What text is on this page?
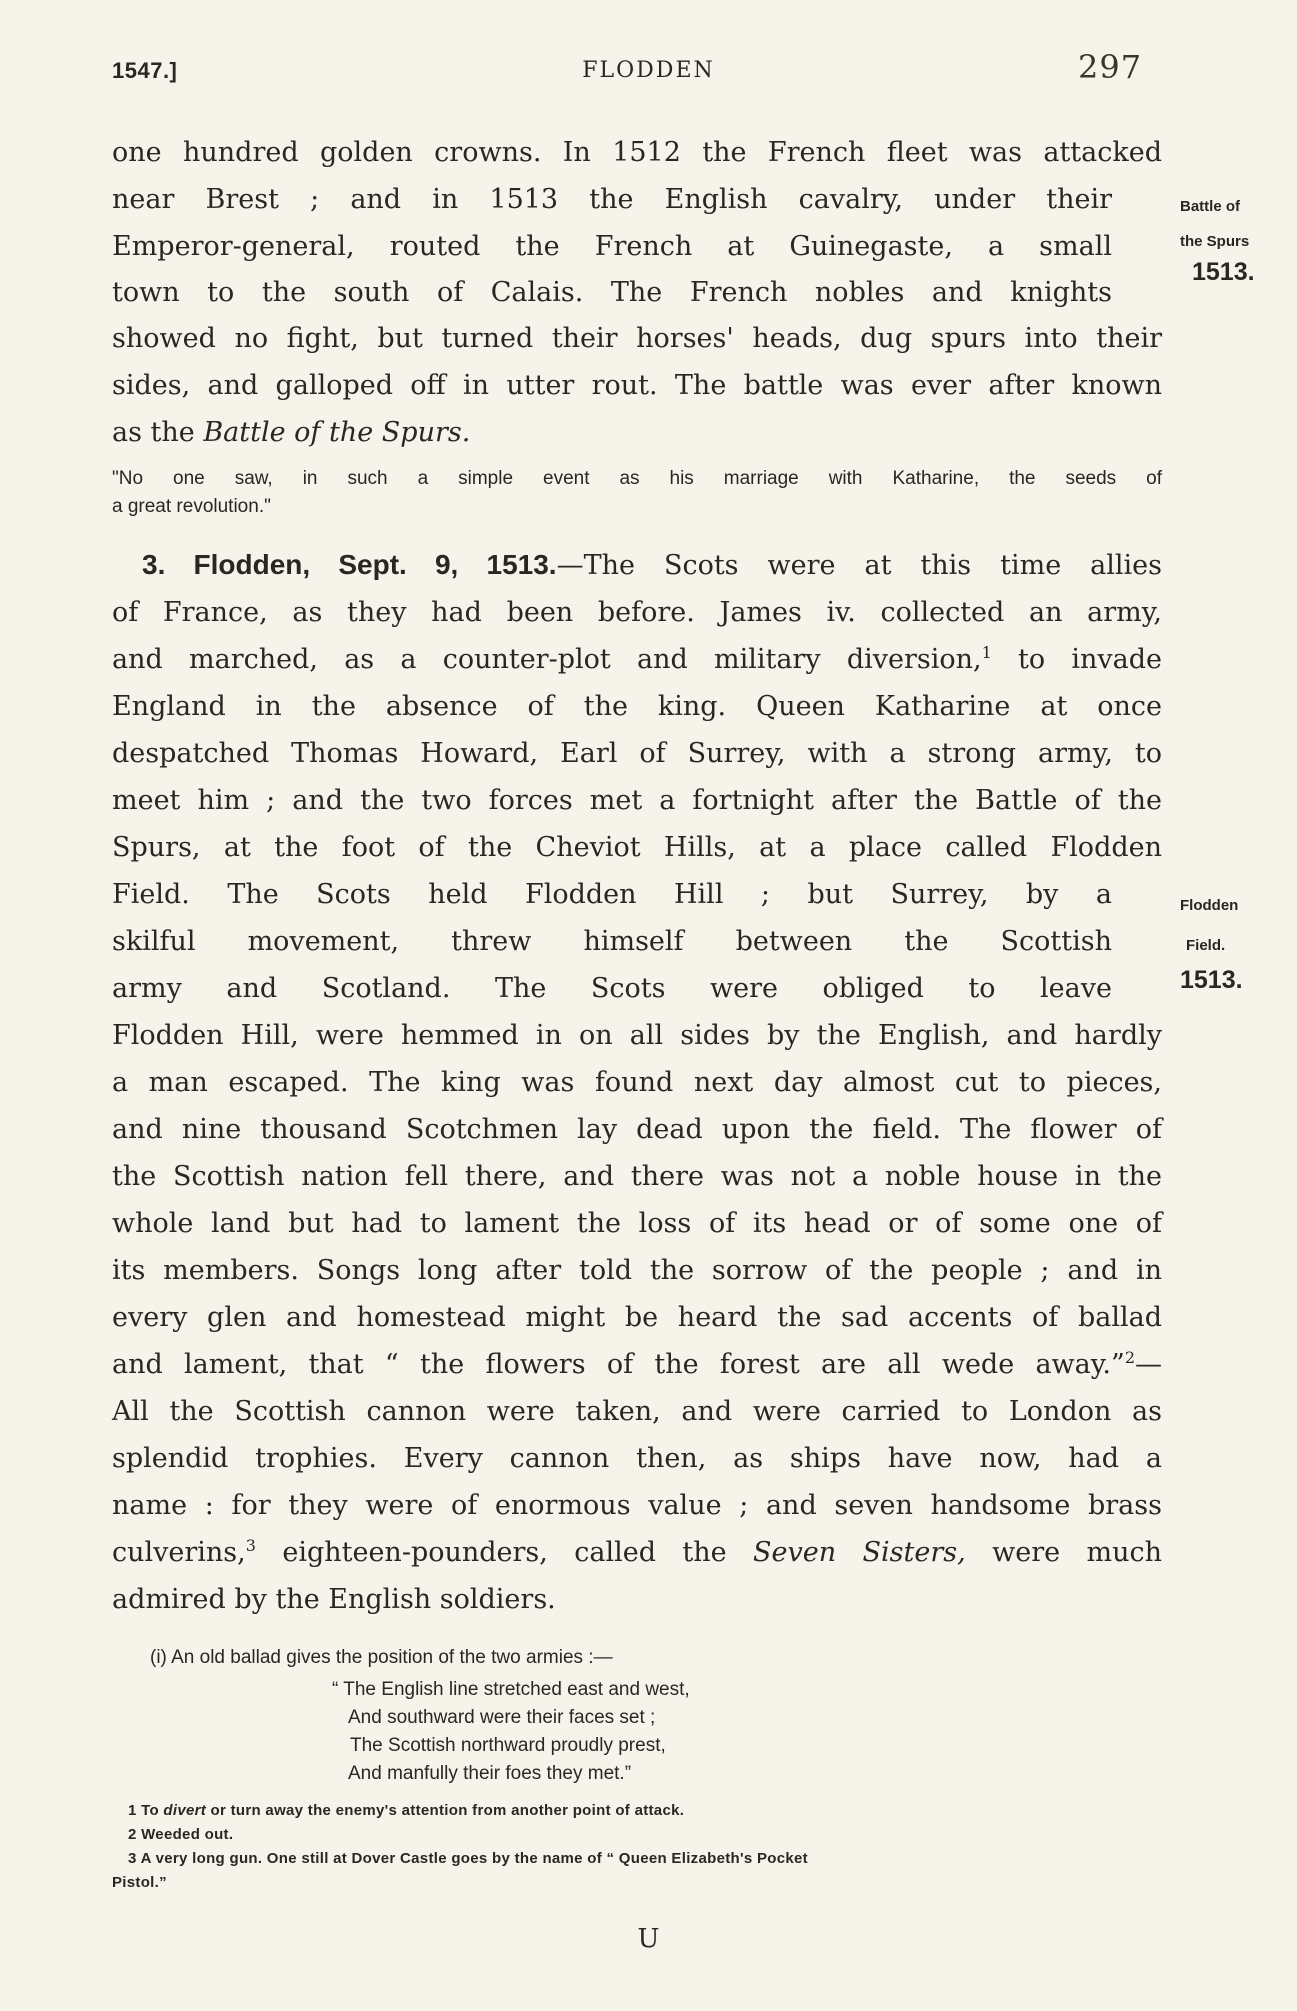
1547.]	FLODDEN	297
one hundred golden crowns. In 1512 the French fleet was attacked
near Brest ; and in 1513 the English cavalry, under their
Emperor-general, routed the French at Guinegaste, a small
town to the south of Calais. The French nobles and knights
showed no fight, but turned their horses' heads, dug spurs into their
sides, and galloped off in utter rout. The battle was ever after known
as the Battle of the Spurs.
Battle of
the Spurs
1513.
"No one saw, in such a simple event as his marriage with Katharine, the seeds of
a great revolution."
3. Flodden, Sept. 9, 1513.—The Scots were at this time allies
of France, as they had been before. James iv. collected an army,
and marched, as a counter-plot and military diversion,$^1$ to invade
England in the absence of the king. Queen Katharine at once
despatched Thomas Howard, Earl of Surrey, with a strong army, to
meet him ; and the two forces met a fortnight after the Battle of the
Spurs, at the foot of the Cheviot Hills, at a place called Flodden
Field. The Scots held Flodden Hill ; but Surrey, by a
skilful movement, threw himself between the Scottish
army and Scotland. The Scots were obliged to leave
Flodden Hill, were hemmed in on all sides by the English, and hardly
a man escaped. The king was found next day almost cut to pieces,
and nine thousand Scotchmen lay dead upon the field. The flower of
the Scottish nation fell there, and there was not a noble house in the
whole land but had to lament the loss of its head or of some one of
its members. Songs long after told the sorrow of the people ; and in
every glen and homestead might be heard the sad accents of ballad
and lament, that “ the flowers of the forest are all wede away.”$^2$—
All the Scottish cannon were taken, and were carried to London as
splendid trophies. Every cannon then, as ships have now, had a
name : for they were of enormous value ; and seven handsome brass
culverins,$^3$ eighteen-pounders, called the Seven Sisters, were much
admired by the English soldiers.
Flodden
Field.
1513.
(i) An old ballad gives the position of the two armies :—
“ The English line stretched east and west,
And southward were their faces set ;
The Scottish northward proudly prest,
And manfully their foes they met.”
1 To divert or turn away the enemy's attention from another point of attack.
2 Weeded out.
3 A very long gun. One still at Dover Castle goes by the name of “ Queen Elizabeth's Pocket
Pistol.”
U
